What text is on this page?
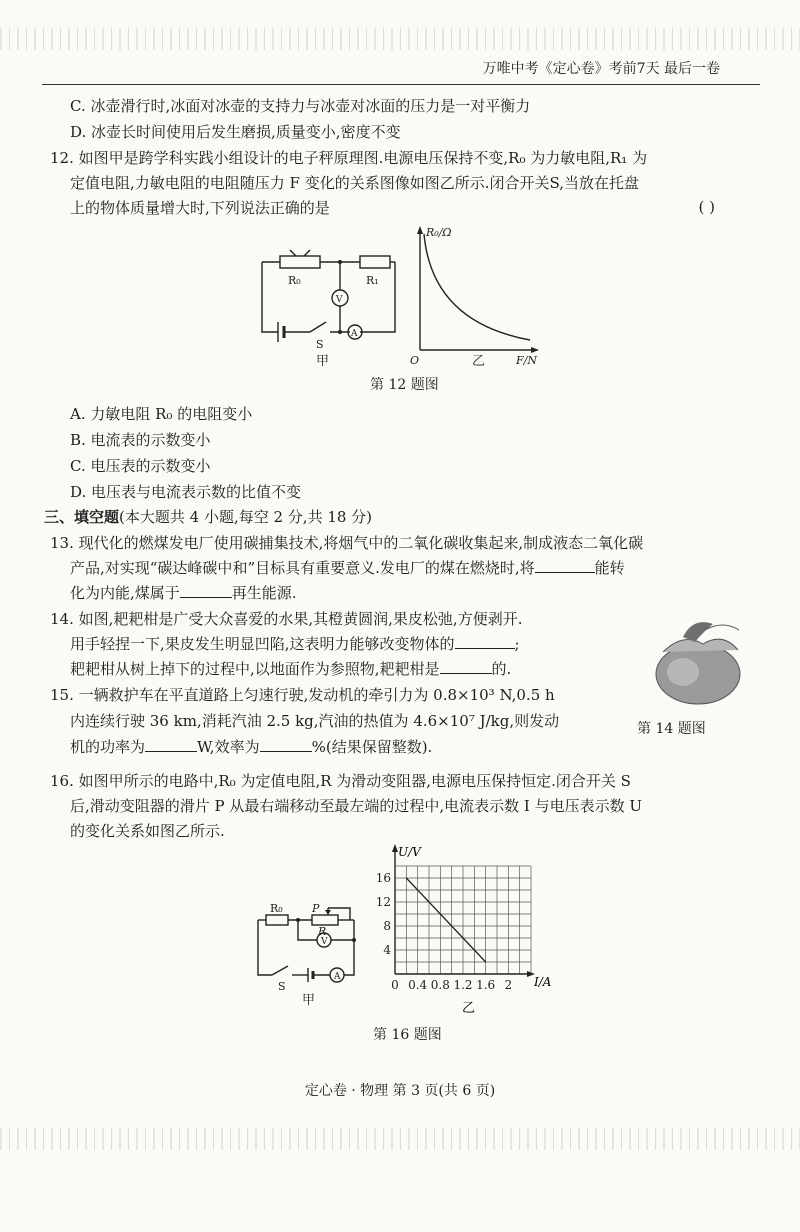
万唯中考《定心卷》考前7天 最后一卷
C. 冰壶滑行时,冰面对冰壶的支持力与冰壶对冰面的压力是一对平衡力
D. 冰壶长时间使用后发生磨损,质量变小,密度不变
12. 如图甲是跨学科实践小组设计的电子秤原理图.电源电压保持不变,R₀ 为力敏电阻,R₁ 为
定值电阻,力敏电阻的电阻随压力 F 变化的关系图像如图乙所示.闭合开关S,当放在托盘
上的物体质量增大时,下列说法正确的是	( )
R₀	R₁
V
A
S
甲
R₀/Ω
O	F/N
乙
第 12 题图
A. 力敏电阻 R₀ 的电阻变小
B. 电流表的示数变小
C. 电压表的示数变小
D. 电压表与电流表示数的比值不变
三、填空题(本大题共 4 小题,每空 2 分,共 18 分)
13. 现代化的燃煤发电厂使用碳捕集技术,将烟气中的二氧化碳收集起来,制成液态二氧化碳
产品,对实现“碳达峰碳中和”目标具有重要意义.发电厂的煤在燃烧时,将	能转
化为内能,煤属于	再生能源.
14. 如图,耙耙柑是广受大众喜爱的水果,其橙黄圆润,果皮松弛,方便剥开.
用手轻捏一下,果皮发生明显凹陷,这表明力能够改变物体的	;
耙耙柑从树上掉下的过程中,以地面作为参照物,耙耙柑是	的.
第 14 题图
15. 一辆救护车在平直道路上匀速行驶,发动机的牵引力为 0.8×10³ N,0.5 h
内连续行驶 36 km,消耗汽油 2.5 kg,汽油的热值为 4.6×10⁷ J/kg,则发动
机的功率为	W,效率为	%(结果保留整数).
16. 如图甲所示的电路中,R₀ 为定值电阻,R 为滑动变阻器,电源电压保持恒定.闭合开关 S
后,滑动变阻器的滑片 P 从最右端移动至最左端的过程中,电流表示数 I 与电压表示数 U
的变化关系如图乙所示.
R₀	P
R
V
A
S
甲
4
8
12
16
0 0.4 0.8 1.2 1.6 2
U/V
I/A
乙
第 16 题图
定心卷 · 物理 第 3 页(共 6 页)
